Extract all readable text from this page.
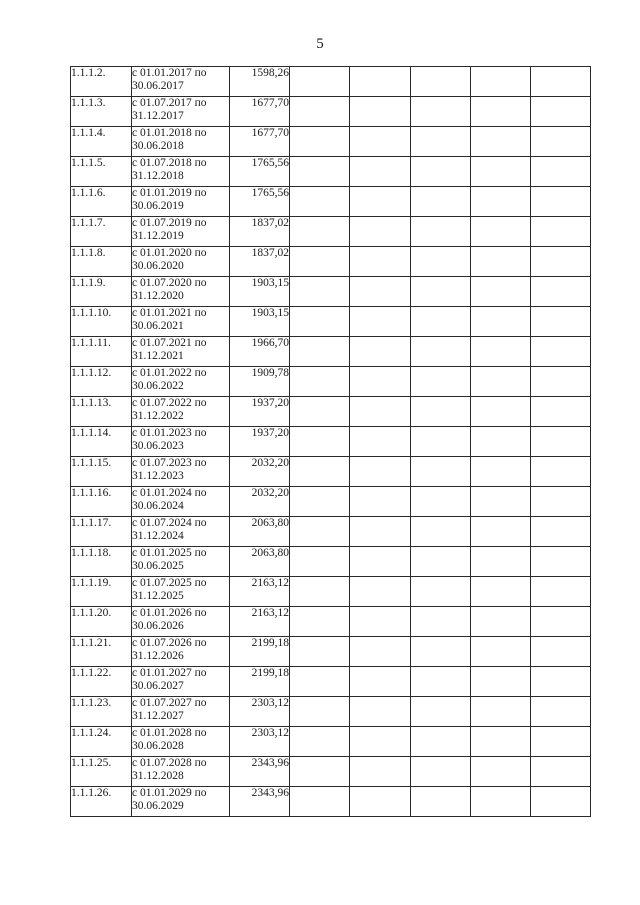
5
1.1.1.2.	с 01.01.2017 по
30.06.2017	1598,26					
1.1.1.3.	с 01.07.2017 по
31.12.2017	1677,70					
1.1.1.4.	с 01.01.2018 по
30.06.2018	1677,70					
1.1.1.5.	с 01.07.2018 по
31.12.2018	1765,56					
1.1.1.6.	с 01.01.2019 по
30.06.2019	1765,56					
1.1.1.7.	с 01.07.2019 по
31.12.2019	1837,02					
1.1.1.8.	с 01.01.2020 по
30.06.2020	1837,02					
1.1.1.9.	с 01.07.2020 по
31.12.2020	1903,15					
1.1.1.10.	с 01.01.2021 по
30.06.2021	1903,15					
1.1.1.11.	с 01.07.2021 по
31.12.2021	1966,70					
1.1.1.12.	с 01.01.2022 по
30.06.2022	1909,78					
1.1.1.13.	с 01.07.2022 по
31.12.2022	1937,20					
1.1.1.14.	с 01.01.2023 по
30.06.2023	1937,20					
1.1.1.15.	с 01.07.2023 по
31.12.2023	2032,20					
1.1.1.16.	с 01.01.2024 по
30.06.2024	2032,20					
1.1.1.17.	с 01.07.2024 по
31.12.2024	2063,80					
1.1.1.18.	с 01.01.2025 по
30.06.2025	2063,80					
1.1.1.19.	с 01.07.2025 по
31.12.2025	2163,12					
1.1.1.20.	с 01.01.2026 по
30.06.2026	2163,12					
1.1.1.21.	с 01.07.2026 по
31.12.2026	2199,18					
1.1.1.22.	с 01.01.2027 по
30.06.2027	2199,18					
1.1.1.23.	с 01.07.2027 по
31.12.2027	2303,12					
1.1.1.24.	с 01.01.2028 по
30.06.2028	2303,12					
1.1.1.25.	с 01.07.2028 по
31.12.2028	2343,96					
1.1.1.26.	с 01.01.2029 по
30.06.2029	2343,96					
